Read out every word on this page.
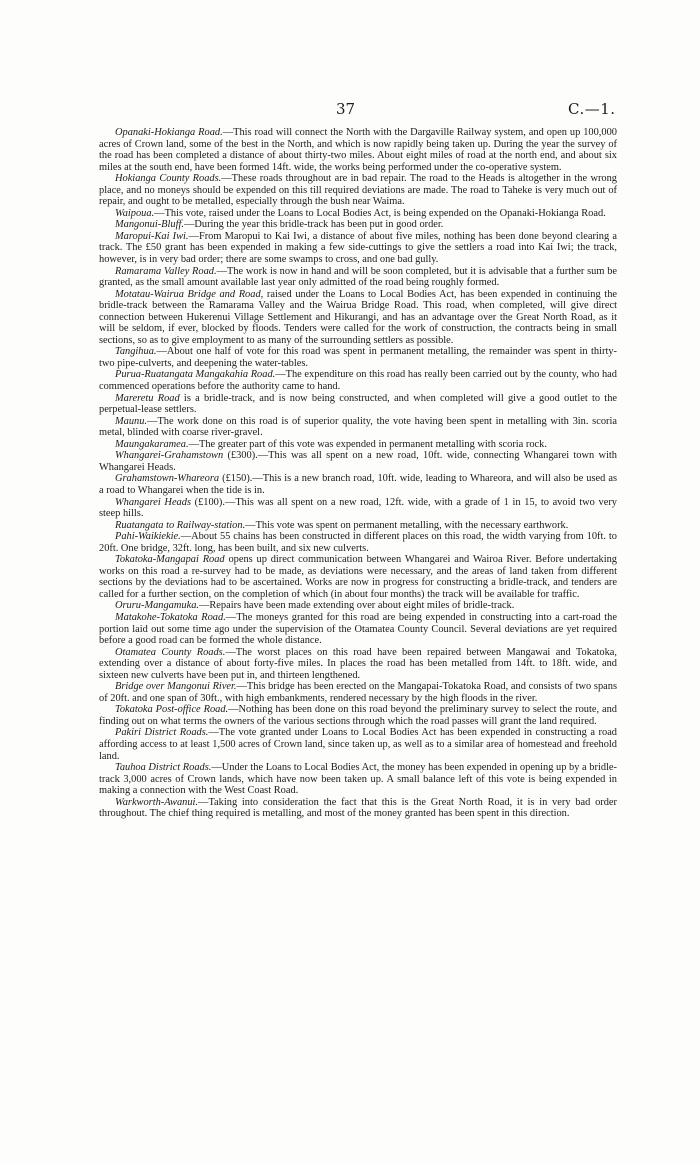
37	C.—1.

Opanaki-Hokianga Road.—This road will connect the North with the Dargaville Railway system, and open up 100,000 acres of Crown land, some of the best in the North, and which is now rapidly being taken up. During the year the survey of the road has been completed a distance of about thirty-two miles. About eight miles of road at the north end, and about six miles at the south end, have been formed 14ft. wide, the works being performed under the co-operative system.

Hokianga County Roads.—These roads throughout are in bad repair. The road to the Heads is altogether in the wrong place, and no moneys should be expended on this till required deviations are made. The road to Taheke is very much out of repair, and ought to be metalled, especially through the bush near Waima.

Waipoua.—This vote, raised under the Loans to Local Bodies Act, is being expended on the Opanaki-Hokianga Road.

Mangonui-Bluff.—During the year this bridle-track has been put in good order.

Maropui-Kai Iwi.—From Maropui to Kai Iwi, a distance of about five miles, nothing has been done beyond clearing a track. The £50 grant has been expended in making a few side-cuttings to give the settlers a road into Kai Iwi; the track, however, is in very bad order; there are some swamps to cross, and one bad gully.

Ramarama Valley Road.—The work is now in hand and will be soon completed, but it is advisable that a further sum be granted, as the small amount available last year only admitted of the road being roughly formed.

Motatau-Wairua Bridge and Road, raised under the Loans to Local Bodies Act, has been expended in continuing the bridle-track between the Ramarama Valley and the Wairua Bridge Road. This road, when completed, will give direct connection between Hukerenui Village Settlement and Hikurangi, and has an advantage over the Great North Road, as it will be seldom, if ever, blocked by floods. Tenders were called for the work of construction, the contracts being in small sections, so as to give employment to as many of the surrounding settlers as possible.

Tangihua.—About one half of vote for this road was spent in permanent metalling, the remainder was spent in thirty-two pipe-culverts, and deepening the water-tables.

Purua-Ruatangata Mangakahia Road.—The expenditure on this road has really been carried out by the county, who had commenced operations before the authority came to hand.

Mareretu Road is a bridle-track, and is now being constructed, and when completed will give a good outlet to the perpetual-lease settlers.

Maunu.—The work done on this road is of superior quality, the vote having been spent in metalling with 3in. scoria metal, blinded with coarse river-gravel.

Maungakaramea.—The greater part of this vote was expended in permanent metalling with scoria rock.

Whangarei-Grahamstown (£300).—This was all spent on a new road, 10ft. wide, connecting Whangarei town with Whangarei Heads.

Grahamstown-Whareora (£150).—This is a new branch road, 10ft. wide, leading to Whareora, and will also be used as a road to Whangarei when the tide is in.

Whangarei Heads (£100).—This was all spent on a new road, 12ft. wide, with a grade of 1 in 15, to avoid two very steep hills.

Ruatangata to Railway-station.—This vote was spent on permanent metalling, with the necessary earthwork.

Pahi-Waikiekie.—About 55 chains has been constructed in different places on this road, the width varying from 10ft. to 20ft. One bridge, 32ft. long, has been built, and six new culverts.

Tokatoka-Mangapai Road opens up direct communication between Whangarei and Wairoa River. Before undertaking works on this road a re-survey had to be made, as deviations were necessary, and the areas of land taken from different sections by the deviations had to be ascertained. Works are now in progress for constructing a bridle-track, and tenders are called for a further section, on the completion of which (in about four months) the track will be available for traffic.

Oruru-Mangamuka.—Repairs have been made extending over about eight miles of bridle-track.

Matakohe-Tokatoka Road.—The moneys granted for this road are being expended in constructing into a cart-road the portion laid out some time ago under the supervision of the Otamatea County Council. Several deviations are yet required before a good road can be formed the whole distance.

Otamatea County Roads.—The worst places on this road have been repaired between Mangawai and Tokatoka, extending over a distance of about forty-five miles. In places the road has been metalled from 14ft. to 18ft. wide, and sixteen new culverts have been put in, and thirteen lengthened.

Bridge over Mangonui River.—This bridge has been erected on the Mangapai-Tokatoka Road, and consists of two spans of 20ft. and one span of 30ft., with high embankments, rendered necessary by the high floods in the river.

Tokatoka Post-office Road.—Nothing has been done on this road beyond the preliminary survey to select the route, and finding out on what terms the owners of the various sections through which the road passes will grant the land required.

Pakiri District Roads.—The vote granted under Loans to Local Bodies Act has been expended in constructing a road affording access to at least 1,500 acres of Crown land, since taken up, as well as to a similar area of homestead and freehold land.

Tauhoa District Roads.—Under the Loans to Local Bodies Act, the money has been expended in opening up by a bridle-track 3,000 acres of Crown lands, which have now been taken up. A small balance left of this vote is being expended in making a connection with the West Coast Road.

Warkworth-Awanui.—Taking into consideration the fact that this is the Great North Road, it is in very bad order throughout. The chief thing required is metalling, and most of the money granted has been spent in this direction.
